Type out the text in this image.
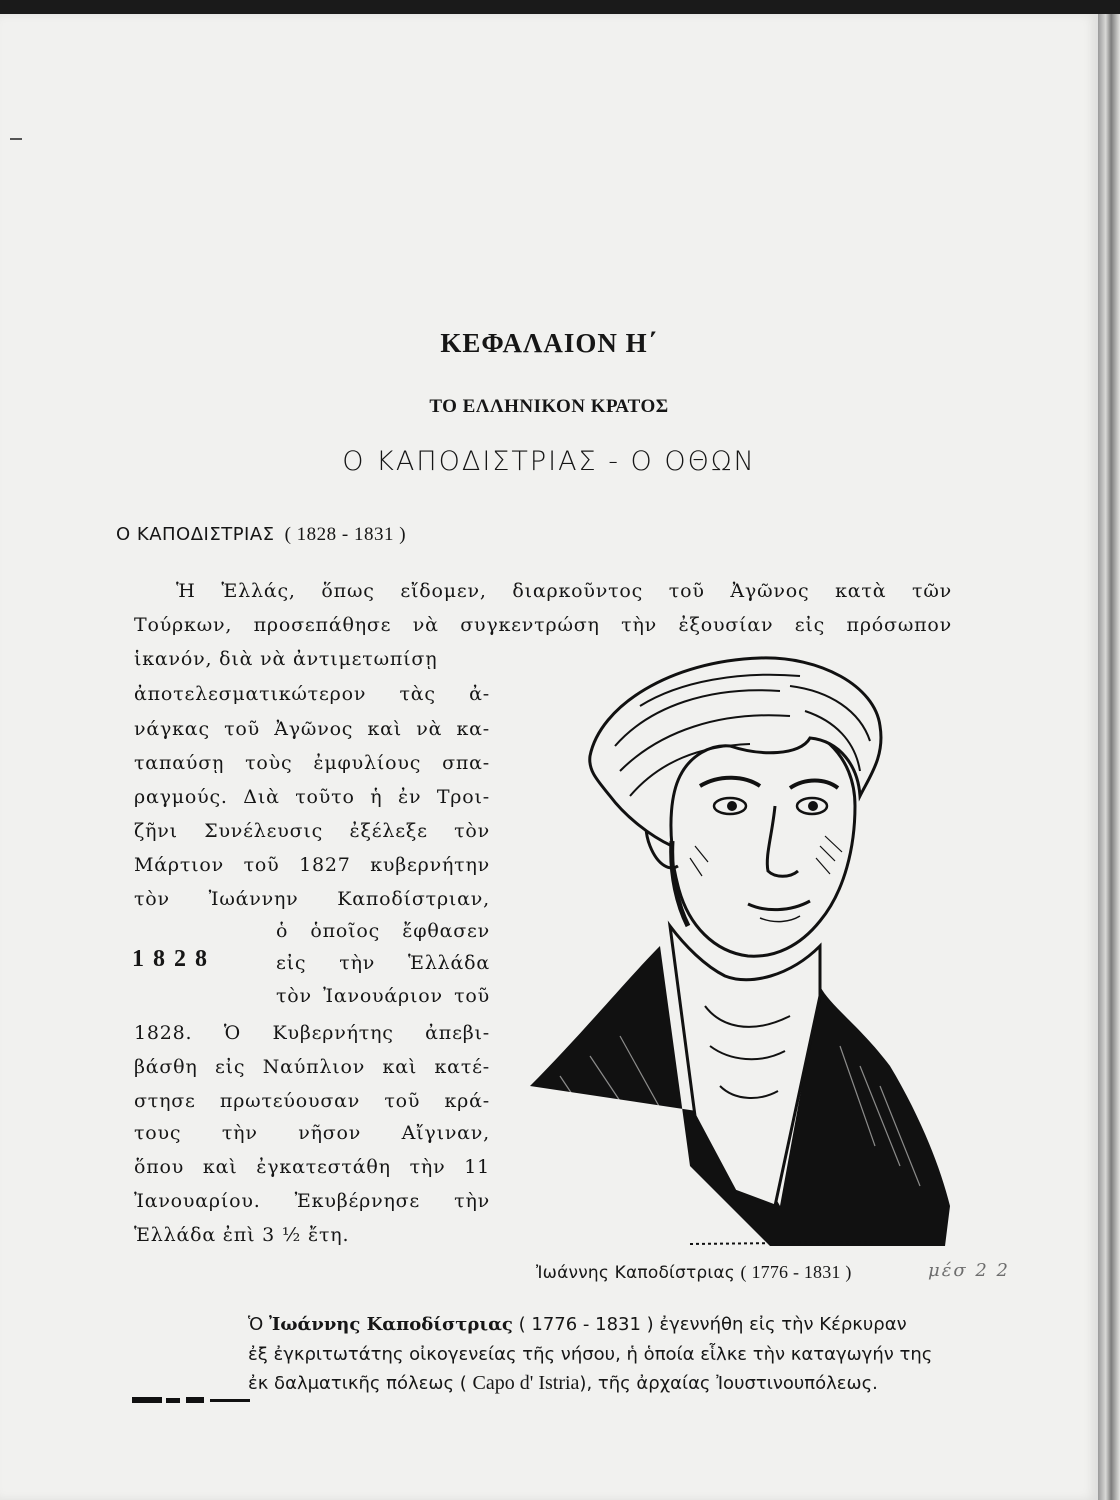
ΚΕΦΑΛΑΙΟΝ Η΄
ΤΟ ΕΛΛΗΝΙΚΟΝ ΚΡΑΤΟΣ
Ο ΚΑΠΟΔΙΣΤΡΙΑΣ - Ο ΟΘΩΝ
Ο ΚΑΠΟΔΙΣΤΡΙΑΣ ( 1828 - 1831 )
Ἡ Ἑλλάς, ὅπως εἴδομεν, διαρκοῦντος τοῦ Ἀγῶνος κατὰ τῶν
Τούρκων, προσεπάθησε νὰ συγκεντρώση τὴν ἐξουσίαν εἰς πρόσωπον
ἱκανόν, διὰ νὰ ἀντιμετωπίσῃ
ἀποτελεσματικώτερον τὰς ἀ-
νάγκας τοῦ Ἀγῶνος καὶ νὰ κα-
ταπαύσῃ τοὺς ἐμφυλίους σπα-
ραγμούς. Διὰ τοῦτο ἡ ἐν Τροι-
ζῆνι Συνέλευσις ἐξέλεξε τὸν
Μάρτιον τοῦ 1827 κυβερνήτην
τὸν Ἰωάννην Καποδίστριαν,
ὁ ὁποῖος ἔφθασεν
εἰς τὴν Ἑλλάδα
τὸν Ἰανουάριον τοῦ
1828. Ὁ Κυβερνήτης ἀπεβι-
βάσθη εἰς Ναύπλιον καὶ κατέ-
στησε πρωτεύουσαν τοῦ κρά-
τους τὴν νῆσον Αἴγιναν,
ὅπου καὶ ἐγκατεστάθη τὴν 11
Ἰανουαρίου. Ἐκυβέρνησε τὴν
Ἑλλάδα ἐπὶ 3 ½ ἔτη.
1828
Ἰωάννης Καποδίστριας ( 1776 - 1831 )	μέσ 2 2
Ὁ Ἰωάννης Καποδίστριας ( 1776 - 1831 ) ἐγεννήθη εἰς τὴν Κέρκυραν
ἐξ ἐγκριτωτάτης οἰκογενείας τῆς νήσου, ἡ ὁποία εἷλκε τὴν καταγωγήν της
ἐκ δαλματικῆς πόλεως ( Capo d' Istria), τῆς ἀρχαίας Ἰουστινουπόλεως.
